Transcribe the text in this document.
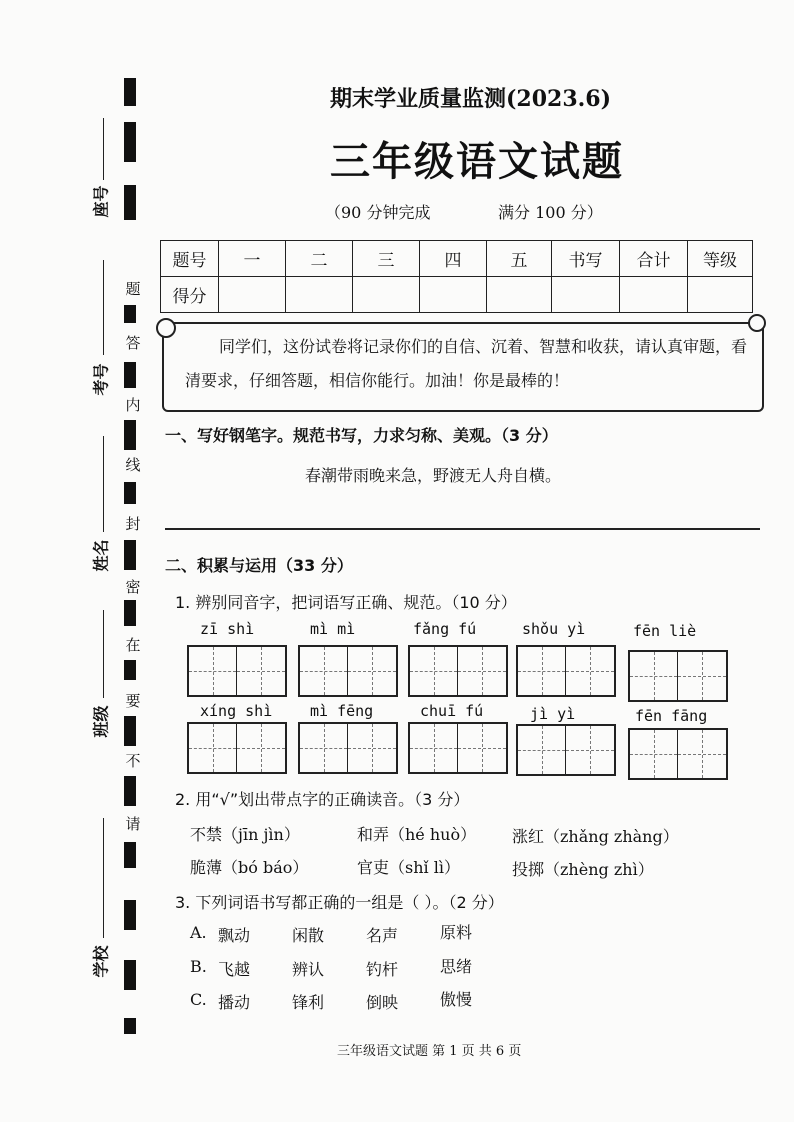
题
答
内
线
封
密
在
要
不
请
座号
考号
姓名
班级
学校
期末学业质量监测(2023.6)
三年级语文试题
（90 分钟完成	满分 100 分）
题号	一	二	三	四	五	书写	合计	等级
得分								
同学们，这份试卷将记录你们的自信、沉着、智慧和收获，请认真审题，看清要求，仔细答题，相信你能行。加油！你是最棒的！
一、写好钢笔字。规范书写，力求匀称、美观。（3 分）
春潮带雨晚来急，野渡无人舟自横。
二、积累与运用（33 分）
1. 辨别同音字，把词语写正确、规范。（10 分）
zī shì	mì mì	fǎng fú	shǒu yì	fēn liè
xíng shì	mì fēng	chuī fú	jì yì	fēn fāng
2. 用“√”划出带点字的正确读音。（3 分）
不禁（jīn jìn）	和弄（hé huò） 涨红（zhǎng zhàng）
脆薄（bó báo）	官吏（shǐ lì）	投掷（zhèng zhì）
3. 下列词语书写都正确的一组是（ ）。（2 分）
A. 飘动	闲散	名声	原料
B. 飞越	辨认	钓杆	思绪
C. 播动	锋利	倒映	傲慢
三年级语文试题 第 1 页 共 6 页
